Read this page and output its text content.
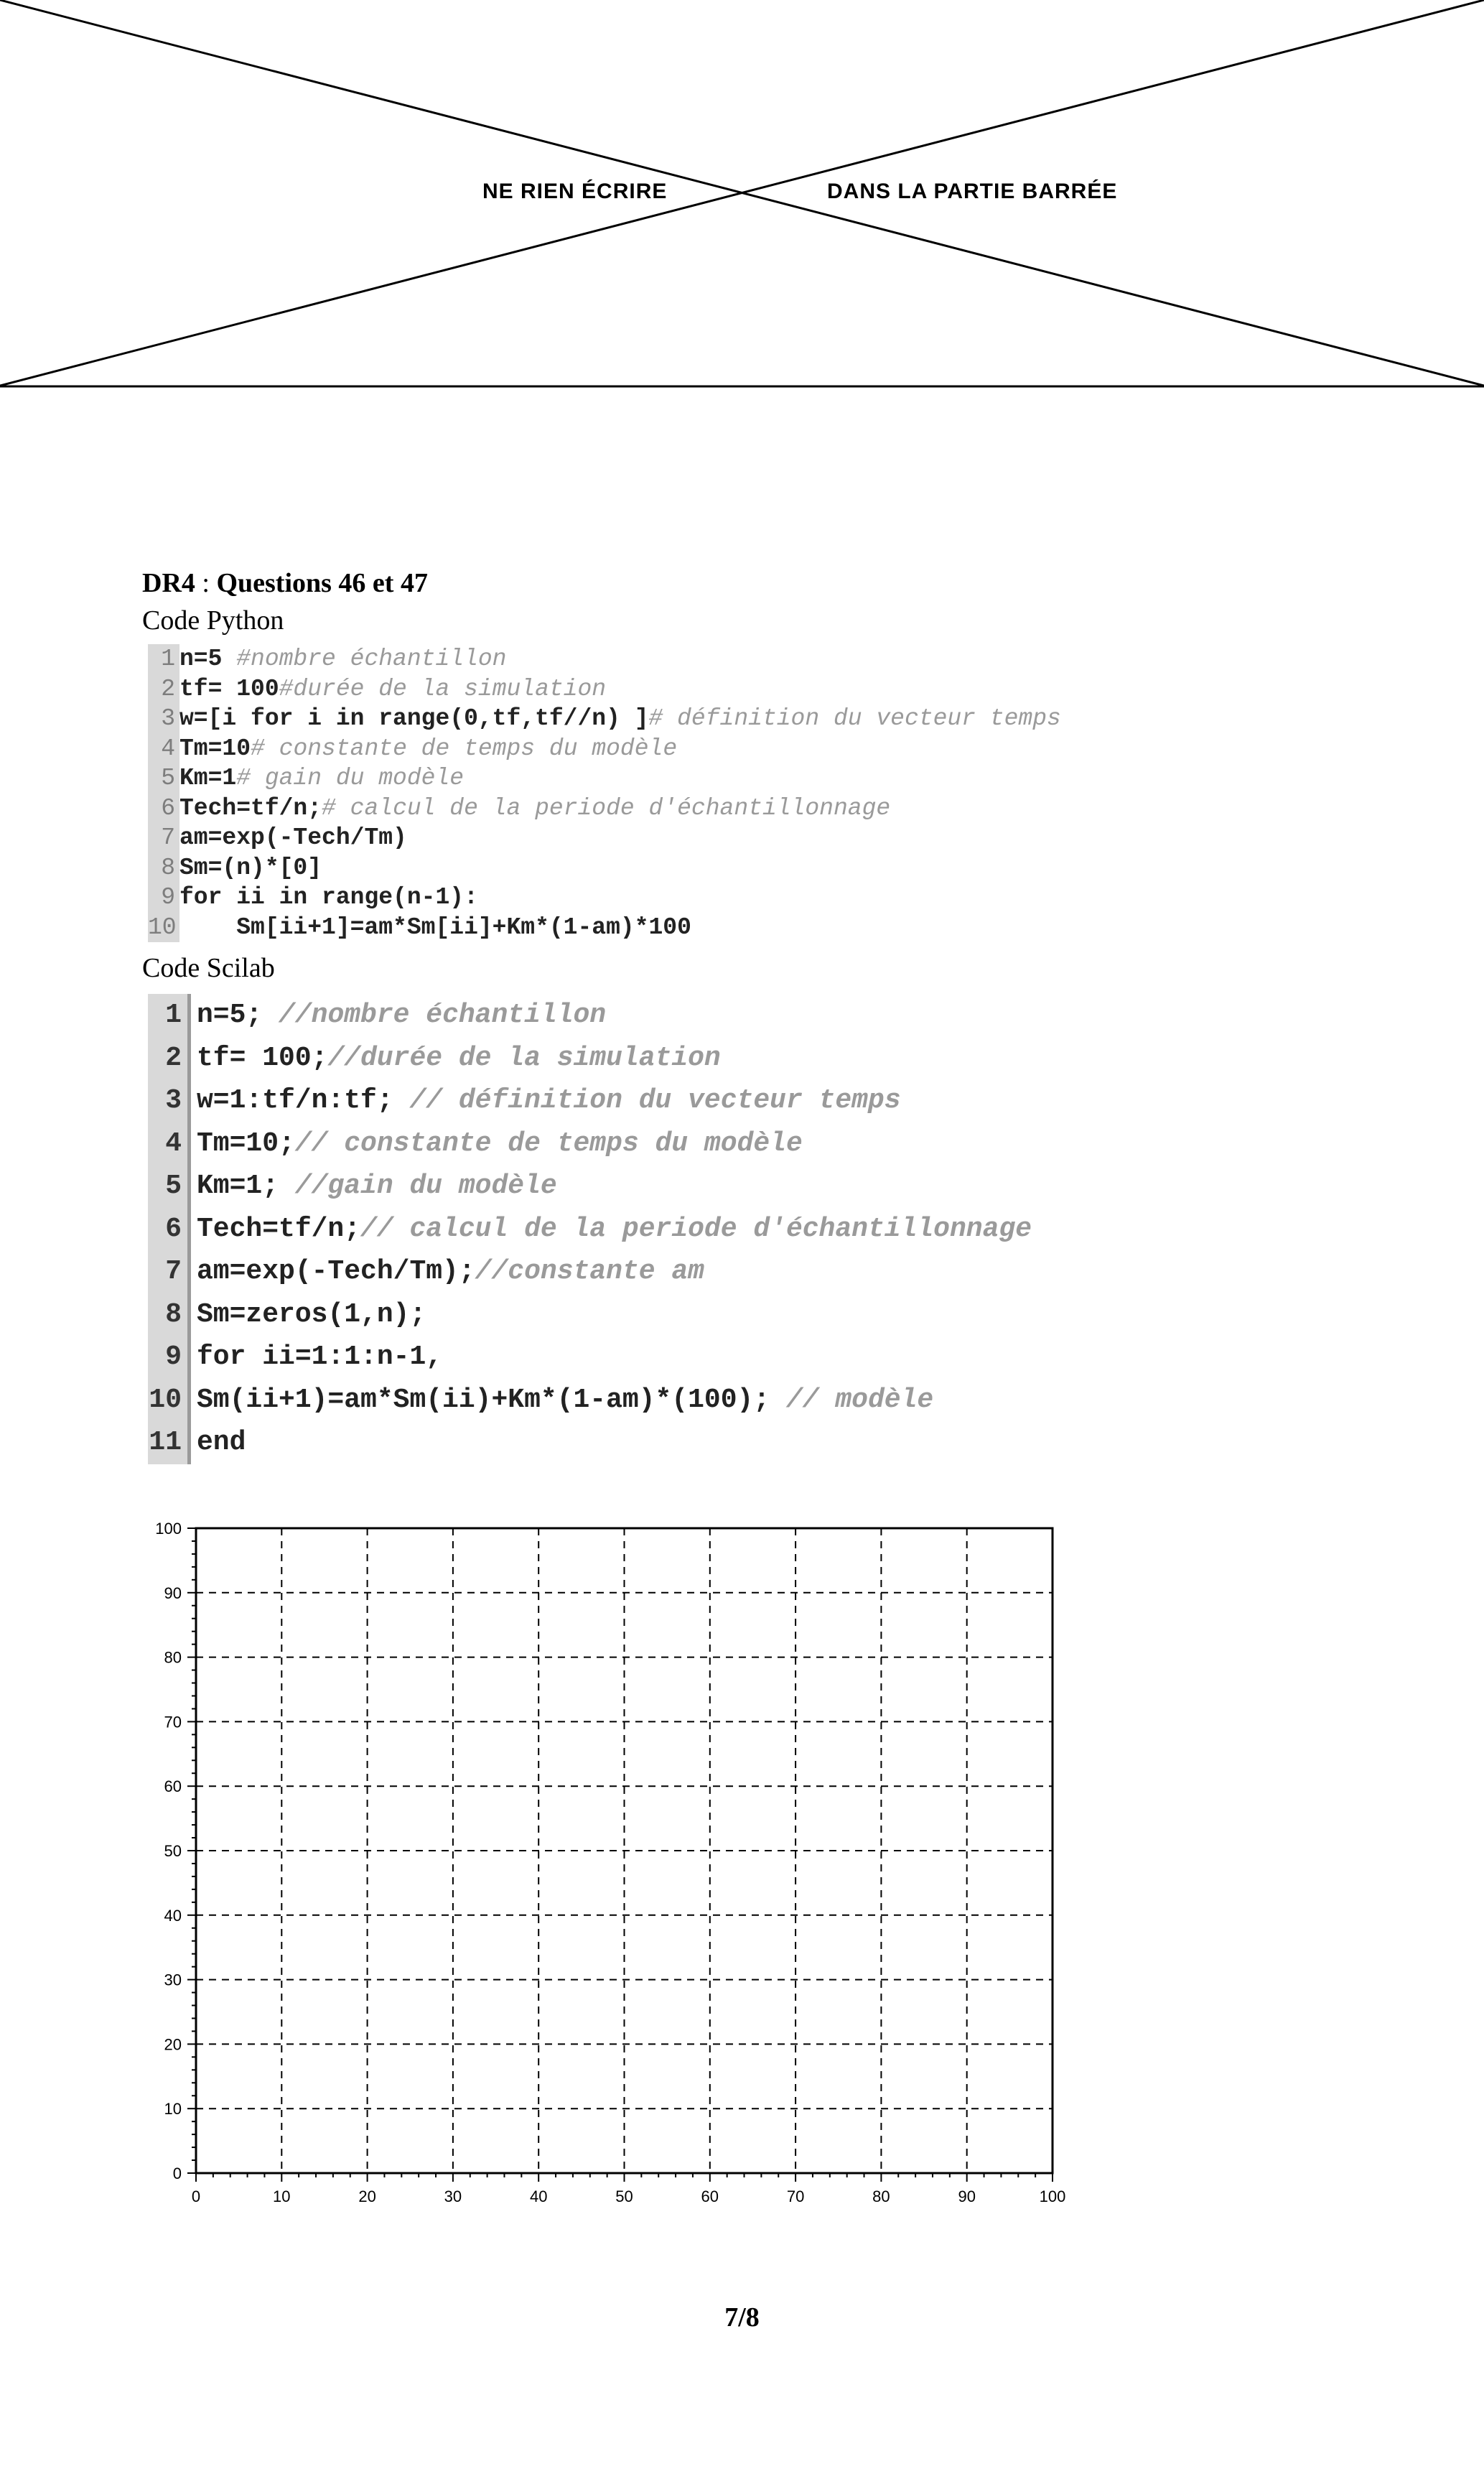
NE RIEN ÉCRIRE	DANS LA PARTIE BARRÉE
DR4 : Questions 46 et 47
Code Python
1 n=5 #nombre échantillon
2 tf= 100#durée de la simulation
3 w=[i for i in range(0,tf,tf//n) ]# définition du vecteur temps
4 Tm=10# constante de temps du modèle
5 Km=1# gain du modèle
6 Tech=tf/n;# calcul de la periode d'échantillonnage
7 am=exp(-Tech/Tm)
8 Sm=(n)*[0]
9 for ii in range(n-1):
10    Sm[ii+1]=am*Sm[ii]+Km*(1-am)*100
Code Scilab
1 n=5; //nombre échantillon
2 tf= 100;//durée de la simulation
3 w=1:tf/n:tf; // définition du vecteur temps
4 Tm=10;// constante de temps du modèle
5 Km=1; //gain du modèle
6 Tech=tf/n;// calcul de la periode d'échantillonnage
7 am=exp(-Tech/Tm);//constante am
8 Sm=zeros(1,n);
9 for ii=1:1:n-1,
10 Sm(ii+1)=am*Sm(ii)+Km*(1-am)*(100); // modèle
11 end
0	10	20	30	40	50	60	70	80	90	100
0
10
20
30
40
50
60
70
80
90
100
7/8
